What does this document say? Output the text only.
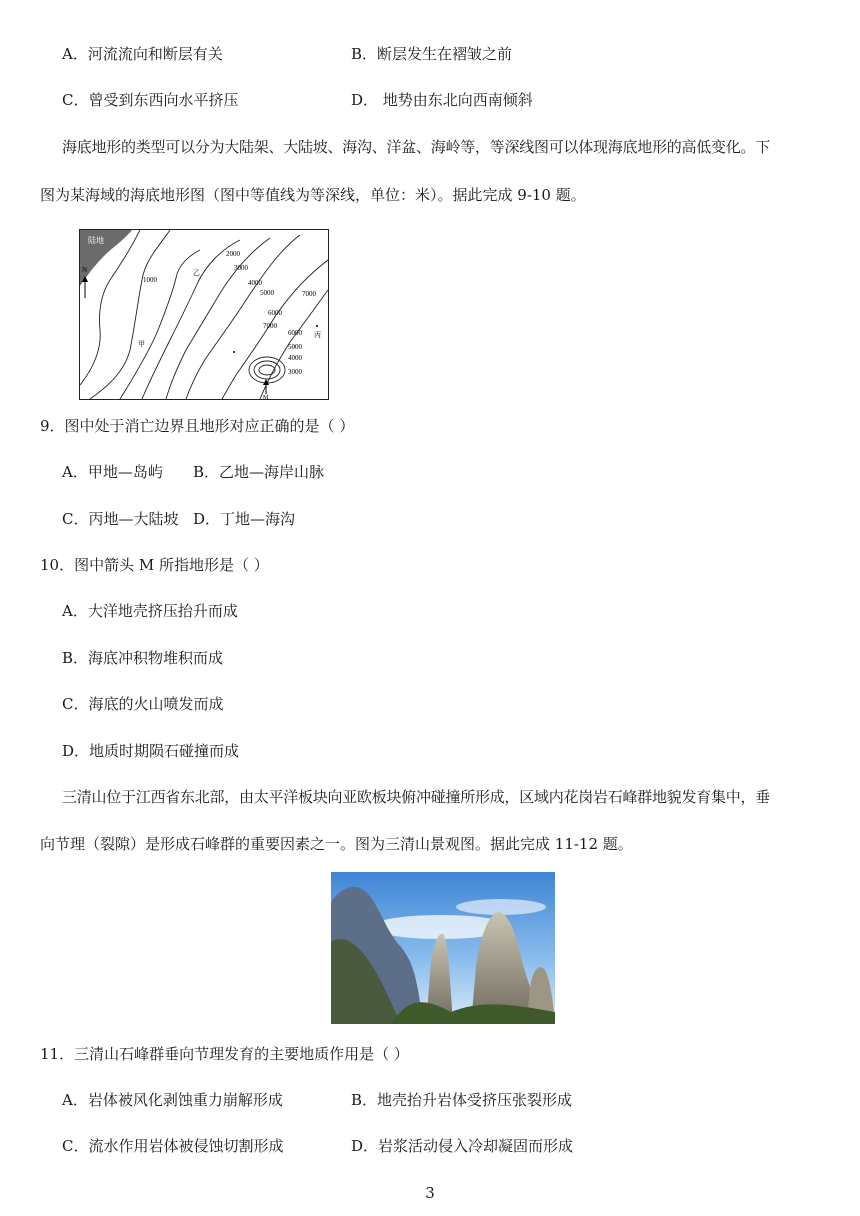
A．河流流向和断层有关	B．断层发生在褶皱之前
C．曾受到东西向水平挤压	D． 地势由东北向西南倾斜
海底地形的类型可以分为大陆架、大陆坡、海沟、洋盆、海岭等，等深线图可以体现海底地形的高低变化。下
图为某海域的海底地形图（图中等值线为等深线，单位：米）。据此完成 9-10 题。
陆地
N
1000
2000
3000
4000
5000
6000
7000
7000
6000
5000
4000
3000
乙
甲
丙
M
9．图中处于消亡边界且地形对应正确的是（ ）
A．甲地—岛屿 B．乙地—海岸山脉
C．丙地—大陆坡 D．丁地—海沟
10．图中箭头 M 所指地形是（ ）
A．大洋地壳挤压抬升而成
B．海底冲积物堆积而成
C．海底的火山喷发而成
D．地质时期陨石碰撞而成
三清山位于江西省东北部，由太平洋板块向亚欧板块俯冲碰撞所形成，区域内花岗岩石峰群地貌发育集中，垂
向节理（裂隙）是形成石峰群的重要因素之一。图为三清山景观图。据此完成 11-12 题。
11．三清山石峰群垂向节理发育的主要地质作用是（ ）
A．岩体被风化剥蚀重力崩解形成	B．地壳抬升岩体受挤压张裂形成
C．流水作用岩体被侵蚀切割形成	D．岩浆活动侵入冷却凝固而形成
3
